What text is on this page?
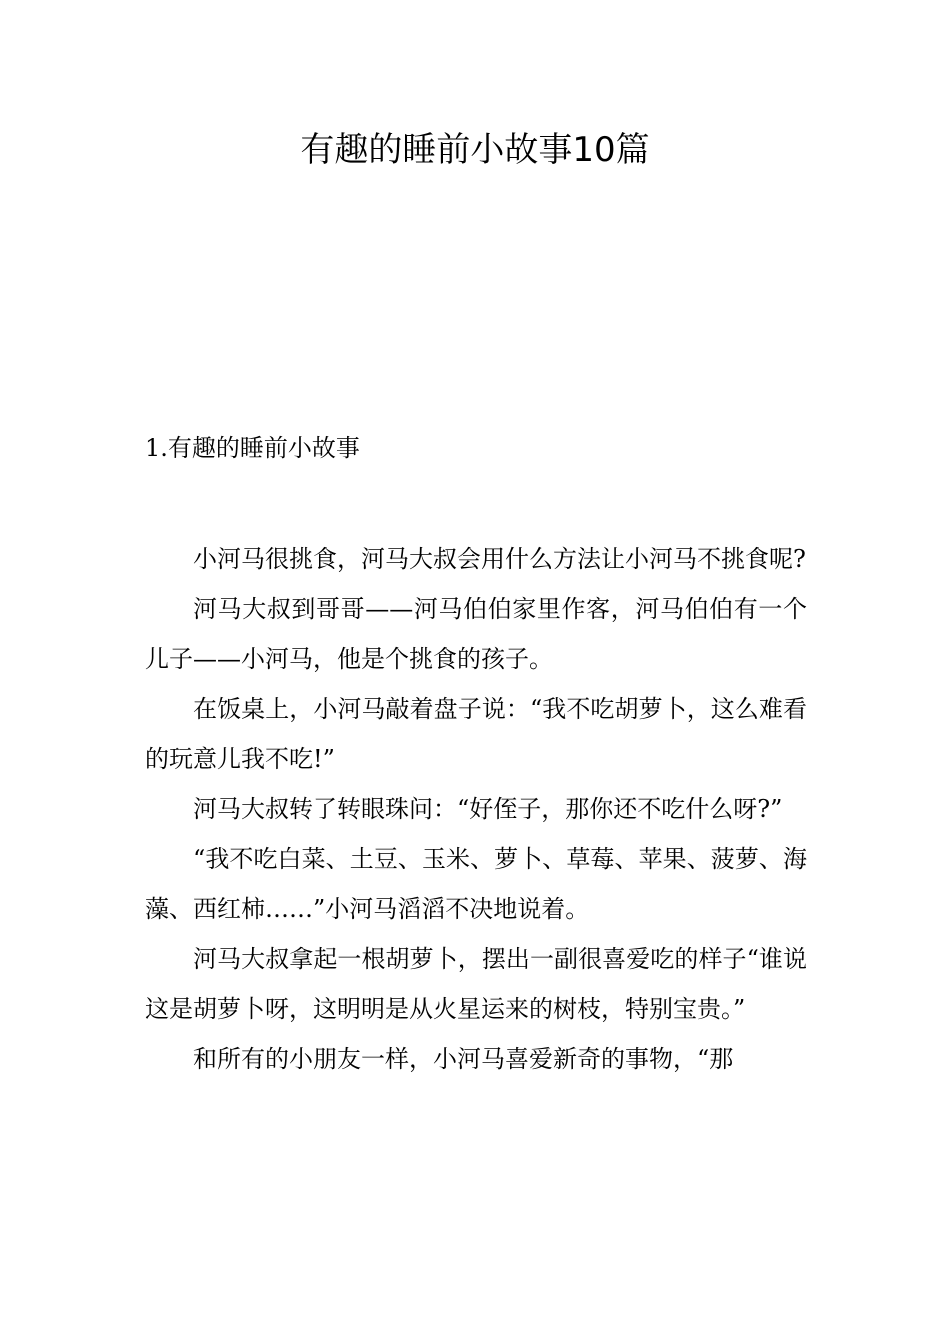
有趣的睡前小故事10篇
1.有趣的睡前小故事

小河马很挑食，河马大叔会用什么方法让小河马不挑食呢?

河马大叔到哥哥——河马伯伯家里作客，河马伯伯有一个儿子——小河马，他是个挑食的孩子。

在饭桌上，小河马敲着盘子说：“我不吃胡萝卜，这么难看的玩意儿我不吃!”

河马大叔转了转眼珠问：“好侄子，那你还不吃什么呀?”

“我不吃白菜、土豆、玉米、萝卜、草莓、苹果、菠萝、海藻、西红柿……”小河马滔滔不决地说着。

河马大叔拿起一根胡萝卜，摆出一副很喜爱吃的样子“谁说这是胡萝卜呀，这明明是从火星运来的树枝，特别宝贵。”

和所有的小朋友一样，小河马喜爱新奇的事物，“那
